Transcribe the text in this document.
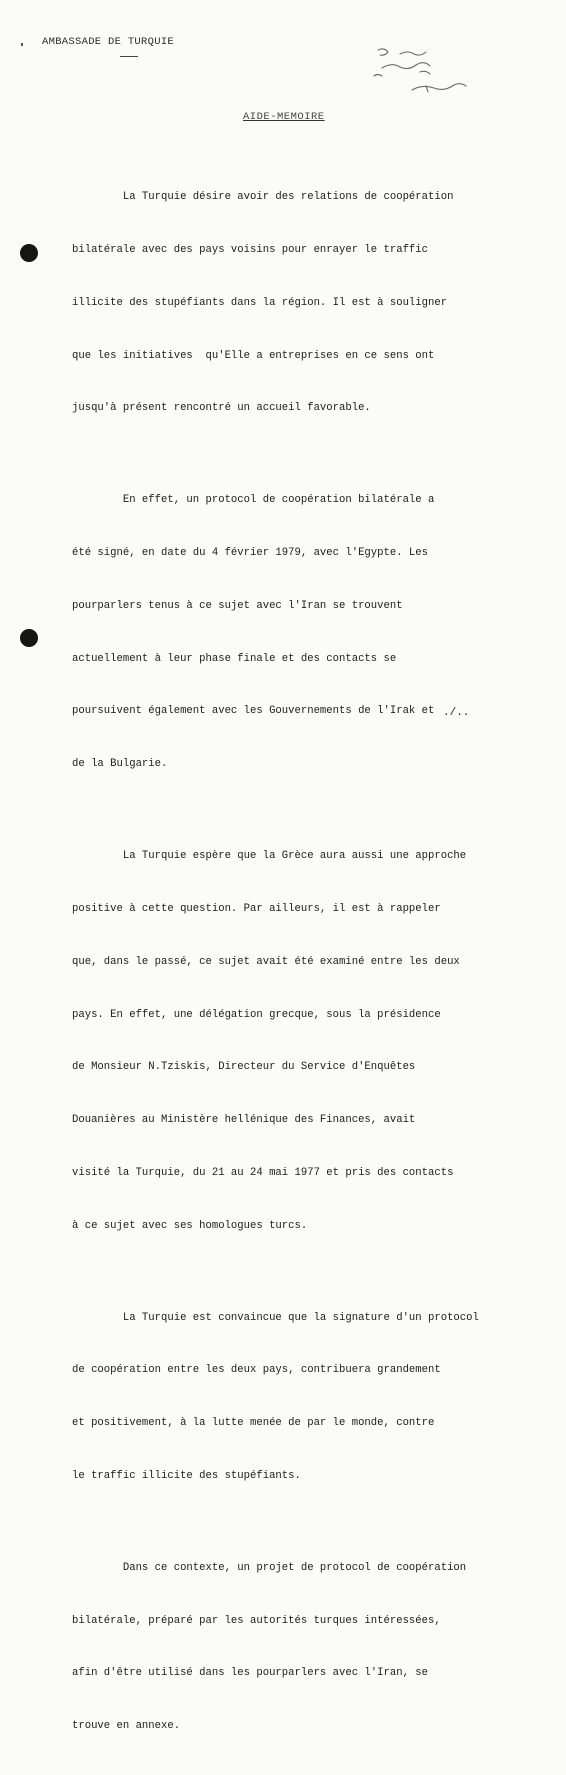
AMBASSADE DE TURQUIE
AIDE-MEMOIRE

La Turquie désire avoir des relations de coopération

bilatérale avec des pays voisins pour enrayer le traffic

illicite des stupéfiants dans la région. Il est à souligner

que les initiatives  qu'Elle a entreprises en ce sens ont

jusqu'à présent rencontré un accueil favorable.

En effet, un protocol de coopération bilatérale a

été signé, en date du 4 février 1979, avec l'Egypte. Les

pourparlers tenus à ce sujet avec l'Iran se trouvent

actuellement à leur phase finale et des contacts se

poursuivent également avec les Gouvernements de l'Irak et

de la Bulgarie.

La Turquie espère que la Grèce aura aussi une approche

positive à cette question. Par ailleurs, il est à rappeler

que, dans le passé, ce sujet avait été examiné entre les deux

pays. En effet, une délégation grecque, sous la présidence

de Monsieur N.Tziskis, Directeur du Service d'Enquêtes

Douanières au Ministère hellénique des Finances, avait

visité la Turquie, du 21 au 24 mai 1977 et pris des contacts

à ce sujet avec ses homologues turcs.

La Turquie est convaincue que la signature d'un protocol

de coopération entre les deux pays, contribuera grandement

et positivement, à la lutte menée de par le monde, contre

le traffic illicite des stupéfiants.

Dans ce contexte, un projet de protocol de coopération

bilatérale, préparé par les autorités turques intéressées,

afin d'être utilisé dans les pourparlers avec l'Iran, se

trouve en annexe.

./..
